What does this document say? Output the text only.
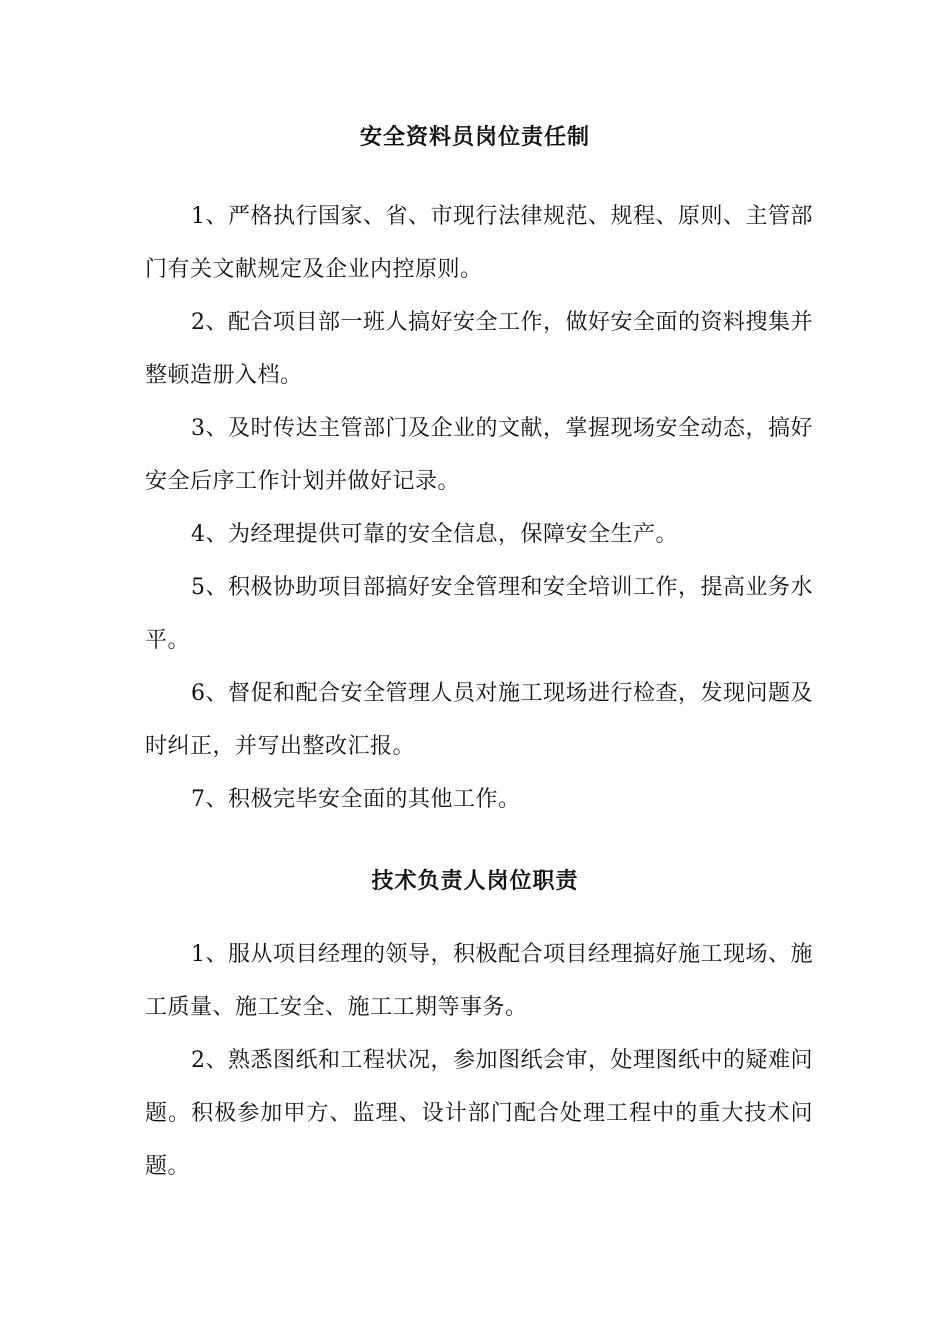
安全资料员岗位责任制

1、严格执行国家、省、市现行法律规范、规程、原则、主管部门有关文献规定及企业内控原则。

2、配合项目部一班人搞好安全工作，做好安全面的资料搜集并整顿造册入档。

3、及时传达主管部门及企业的文献，掌握现场安全动态，搞好安全后序工作计划并做好记录。

4、为经理提供可靠的安全信息，保障安全生产。

5、积极协助项目部搞好安全管理和安全培训工作，提高业务水平。

6、督促和配合安全管理人员对施工现场进行检查，发现问题及时纠正，并写出整改汇报。

7、积极完毕安全面的其他工作。

技术负责人岗位职责

1、服从项目经理的领导，积极配合项目经理搞好施工现场、施工质量、施工安全、施工工期等事务。

2、熟悉图纸和工程状况，参加图纸会审，处理图纸中的疑难问题。积极参加甲方、监理、设计部门配合处理工程中的重大技术问题。
